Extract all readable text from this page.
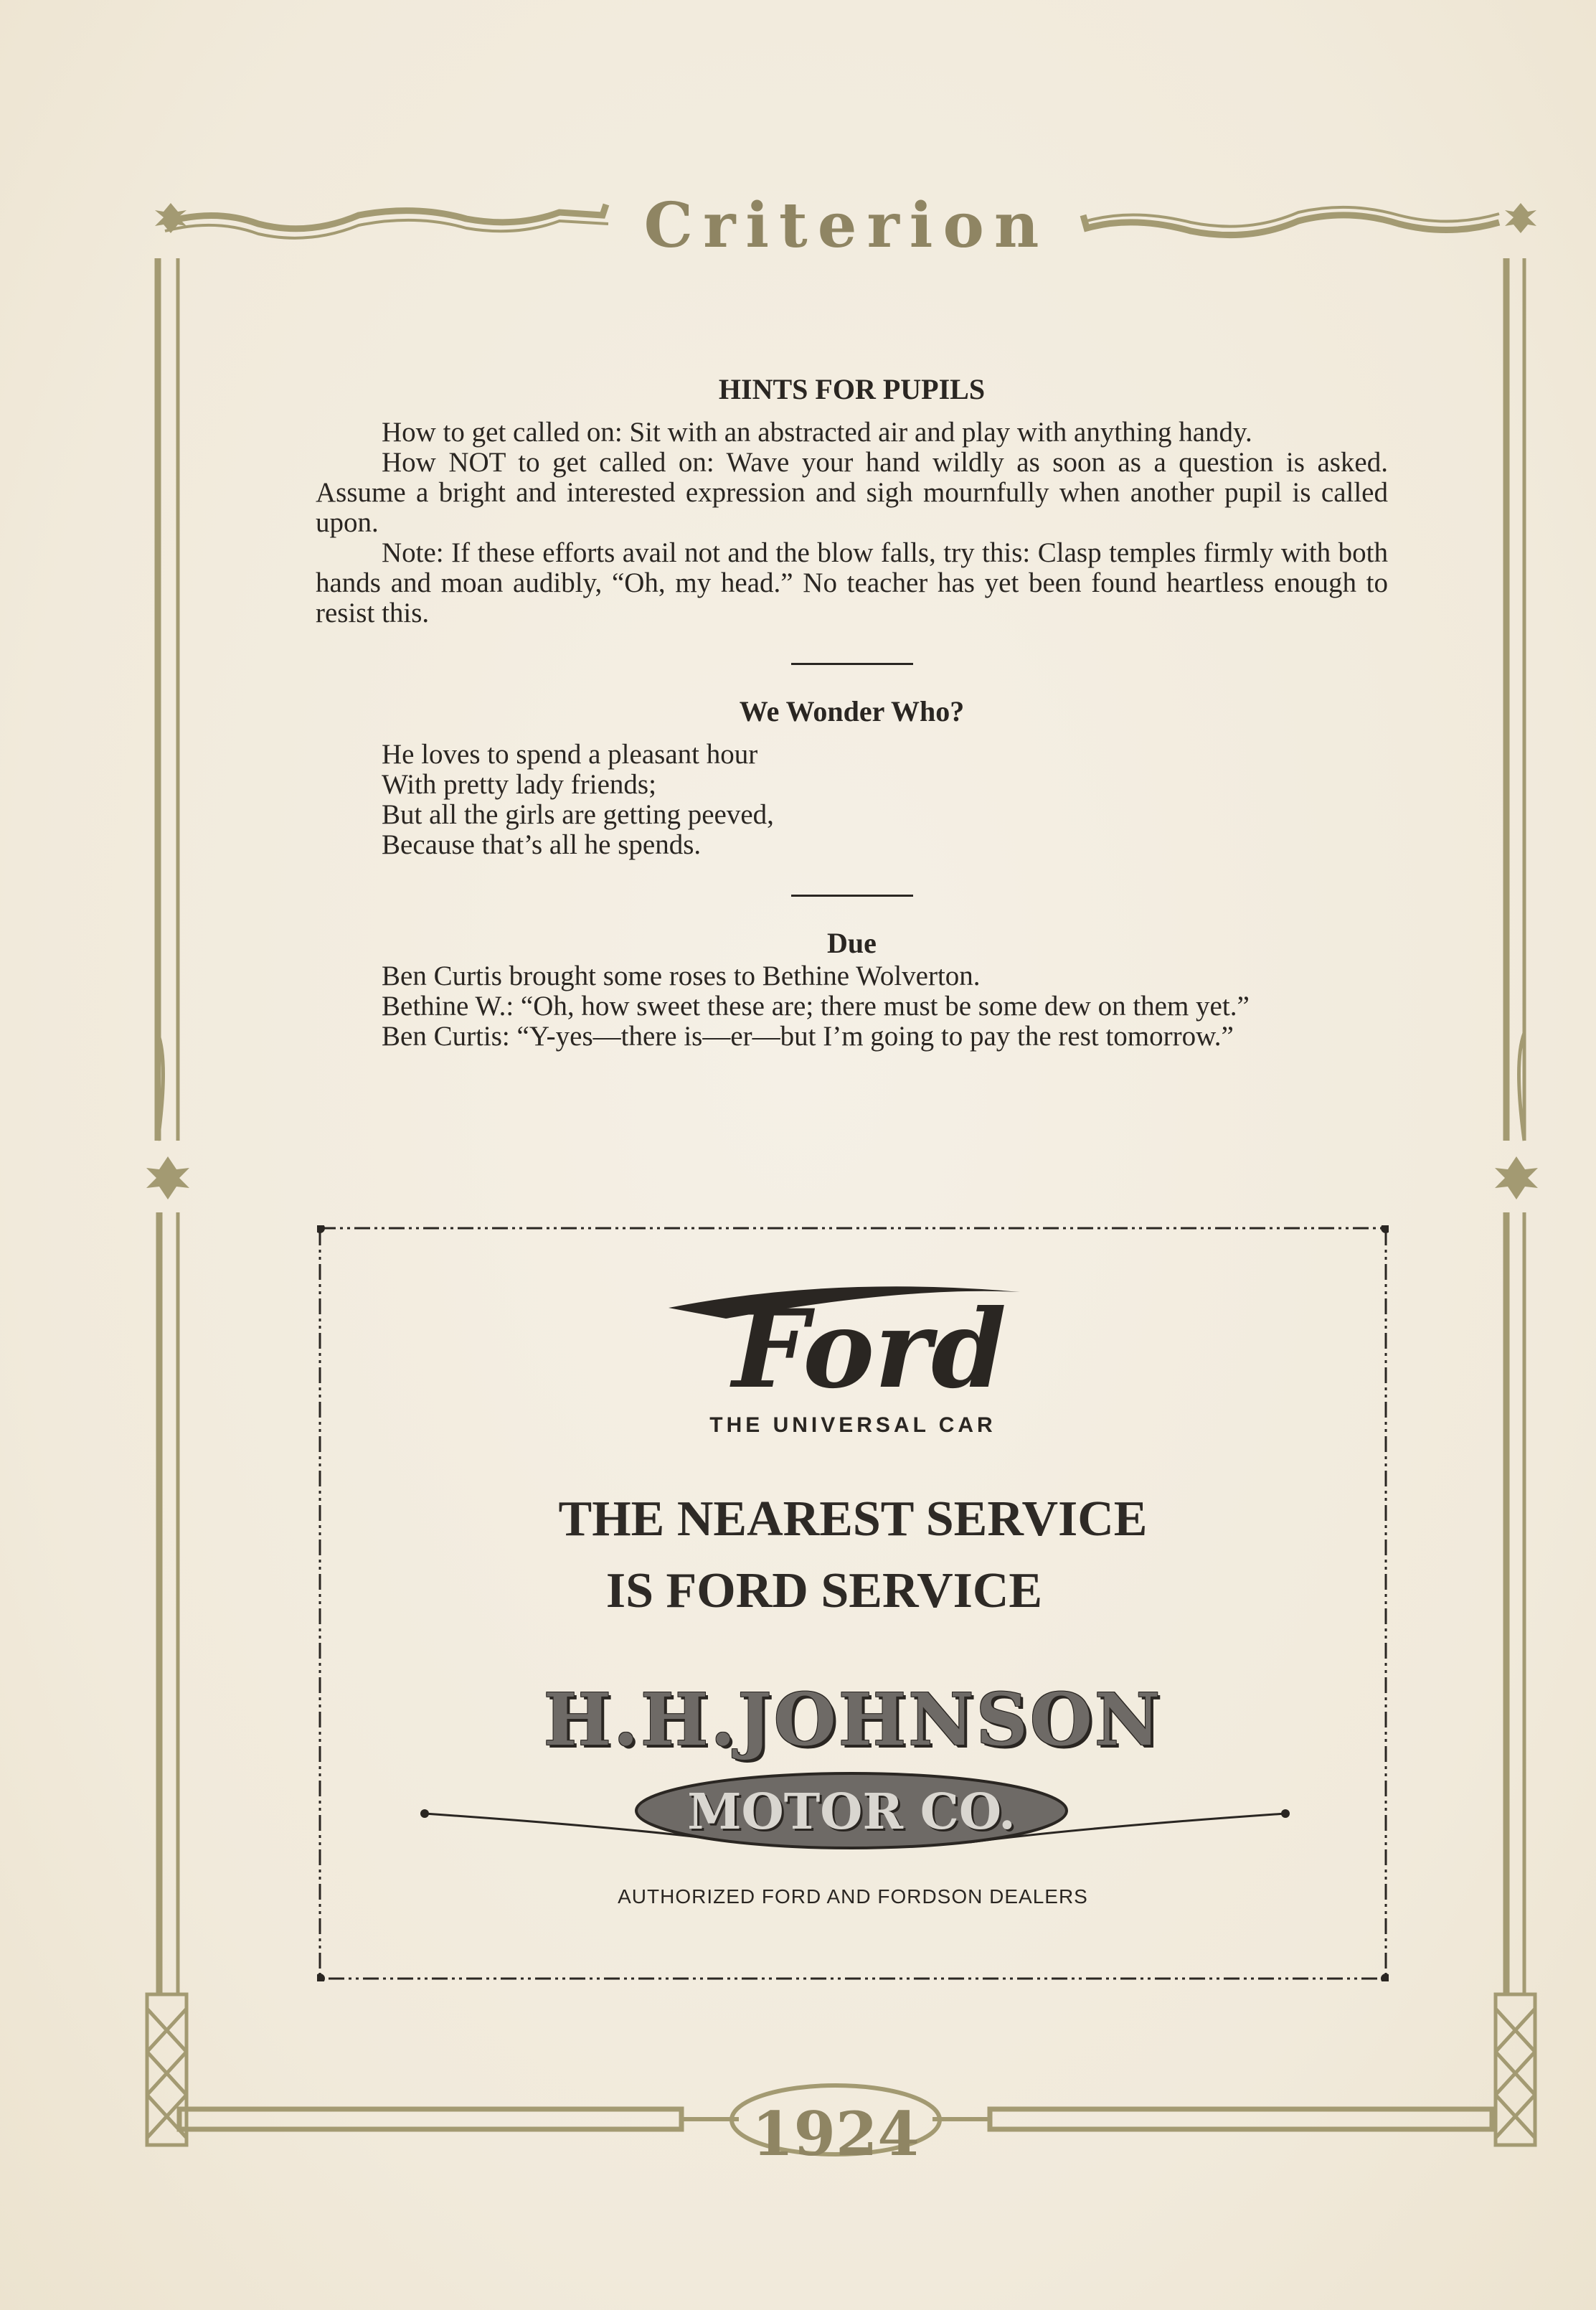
Criterion
1924
HINTS FOR PUPILS

How to get called on: Sit with an abstracted air and play with anything handy.

How NOT to get called on: Wave your hand wildly as soon as a question is asked. Assume a bright and interested expression and sigh mournfully when another pupil is called upon.

Note: If these efforts avail not and the blow falls, try this: Clasp temples firmly with both hands and moan audibly, “Oh, my head.” No teacher has yet been found heartless enough to resist this.

We Wonder Who?
He loves to spend a pleasant hour
With pretty lady friends;
But all the girls are getting peeved,
Because that’s all he spends.
Due

Ben Curtis brought some roses to Bethine Wolverton.

Bethine W.: “Oh, how sweet these are; there must be some dew on them yet.”

Ben Curtis: “Y-yes—there is—er—but I’m going to pay the rest tomorrow.”

Ford
THE UNIVERSAL CAR
THE NEAREST SERVICE
IS FORD SERVICE
H.H.JOHNSON
MOTOR CO.
AUTHORIZED FORD AND FORDSON DEALERS
